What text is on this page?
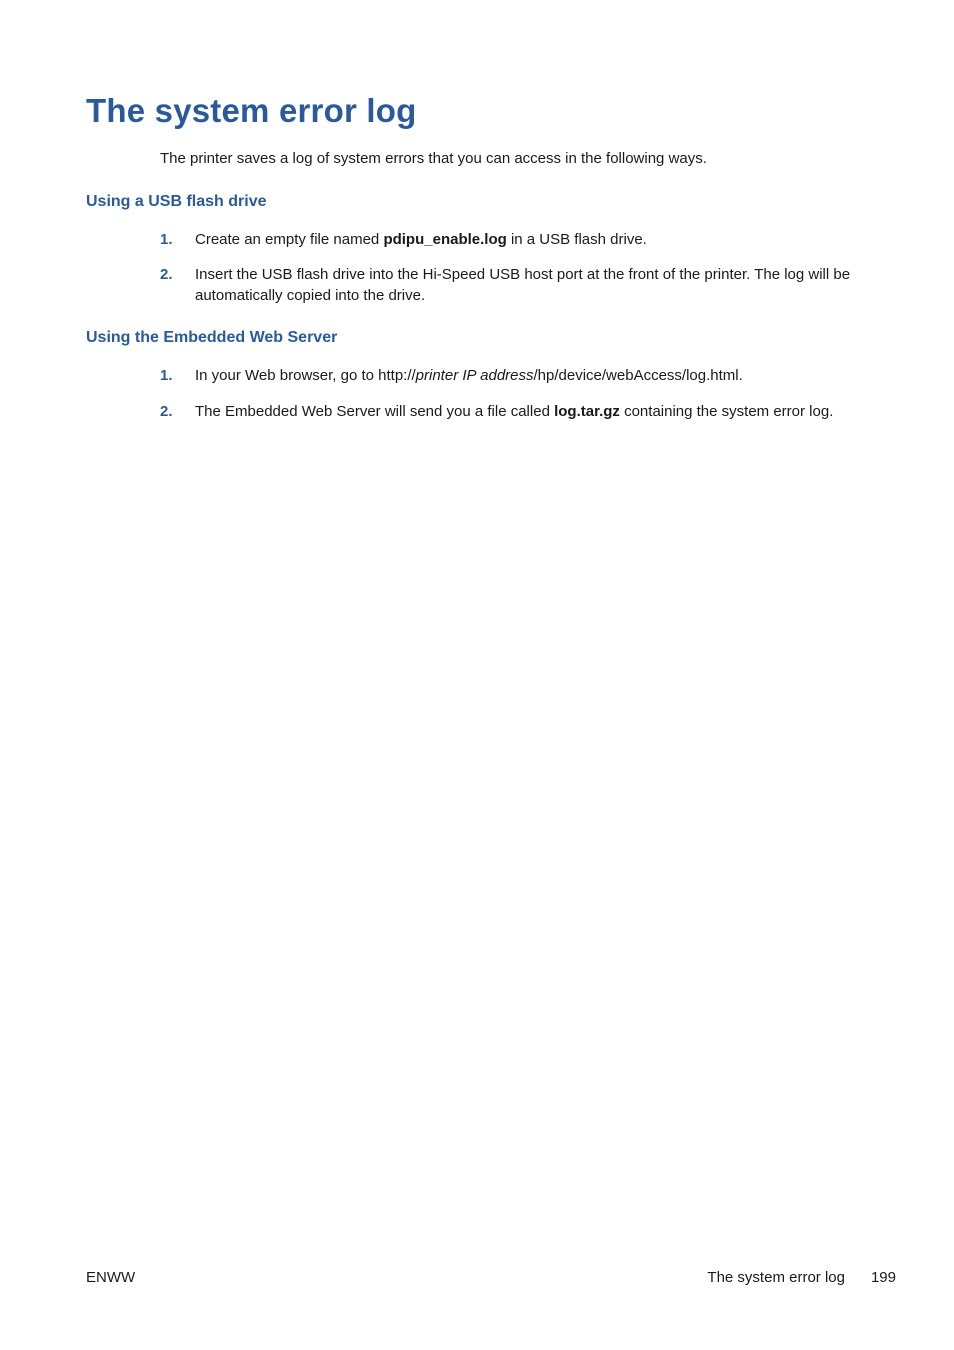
The system error log

The printer saves a log of system errors that you can access in the following ways.

Using a USB flash drive
1. Create an empty file named pdipu_enable.log in a USB flash drive.
2. Insert the USB flash drive into the Hi-Speed USB host port at the front of the printer. The log will be automatically copied into the drive.
Using the Embedded Web Server
1. In your Web browser, go to http://printer IP address/hp/device/webAccess/log.html.
2. The Embedded Web Server will send you a file called log.tar.gz containing the system error log.
ENWW	The system error log 199
